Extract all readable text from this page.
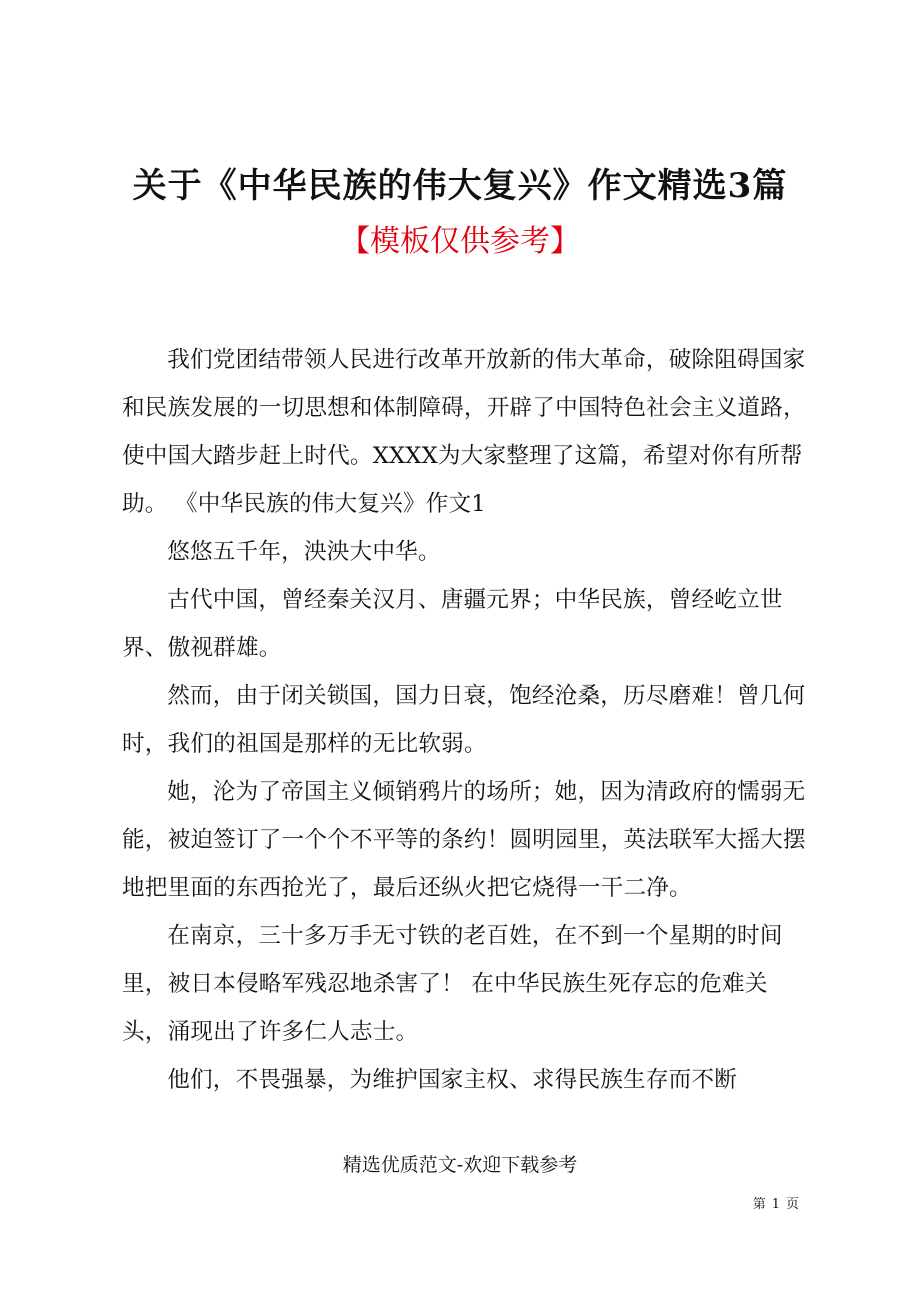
关于《中华民族的伟大复兴》作文精选3篇
【模板仅供参考】

我们党团结带领人民进行改革开放新的伟大革命，破除阻碍国家和民族发展的一切思想和体制障碍，开辟了中国特色社会主义道路，使中国大踏步赶上时代。XXXX为大家整理了这篇，希望对你有所帮助。 《中华民族的伟大复兴》作文1

悠悠五千年，泱泱大中华。

古代中国，曾经秦关汉月、唐疆元界；中华民族，曾经屹立世界、傲视群雄。

然而，由于闭关锁国，国力日衰，饱经沧桑，历尽磨难！曾几何时，我们的祖国是那样的无比软弱。

她，沦为了帝国主义倾销鸦片的场所；她，因为清政府的懦弱无能，被迫签订了一个个不平等的条约！圆明园里，英法联军大摇大摆地把里面的东西抢光了，最后还纵火把它烧得一干二净。

在南京，三十多万手无寸铁的老百姓，在不到一个星期的时间里，被日本侵略军残忍地杀害了！ 在中华民族生死存忘的危难关头，涌现出了许多仁人志士。

他们，不畏强暴，为维护国家主权、求得民族生存而不断

精选优质范文-欢迎下载参考
第 1 页
